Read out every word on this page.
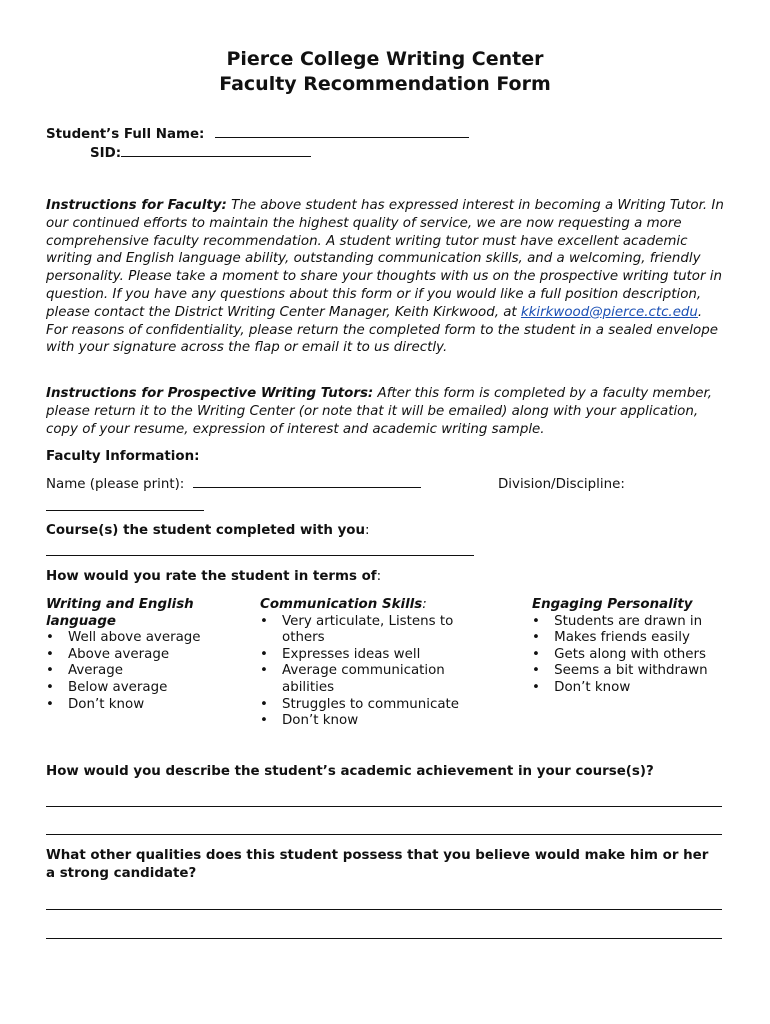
Pierce College Writing Center
Faculty Recommendation Form
Student’s Full Name:
SID:
Instructions for Faculty: The above student has expressed interest in becoming a Writing Tutor. In our continued efforts to maintain the highest quality of service, we are now requesting a more comprehensive faculty recommendation. A student writing tutor must have excellent academic writing and English language ability, outstanding communication skills, and a welcoming, friendly personality. Please take a moment to share your thoughts with us on the prospective writing tutor in question. If you have any questions about this form or if you would like a full position description, please contact the District Writing Center Manager, Keith Kirkwood, at kkirkwood@pierce.ctc.edu. For reasons of confidentiality, please return the completed form to the student in a sealed envelope with your signature across the flap or email it to us directly.
Instructions for Prospective Writing Tutors: After this form is completed by a faculty member, please return it to the Writing Center (or note that it will be emailed) along with your application, copy of your resume, expression of interest and academic writing sample.
Faculty Information:
Name (please print):	Division/Discipline:
Course(s) the student completed with you:
How would you rate the student in terms of:
Writing and English language
• Well above average
• Above average
• Average
• Below average
• Don’t know
Communication Skills:
• Very articulate, Listens to others
• Expresses ideas well
• Average communication abilities
• Struggles to communicate
• Don’t know
Engaging Personality

• Students are drawn in

• Makes friends easily

• Gets along with others

• Seems a bit withdrawn

• Don’t know

How would you describe the student’s academic achievement in your course(s)?
What other qualities does this student possess that you believe would make him or her a strong candidate?
